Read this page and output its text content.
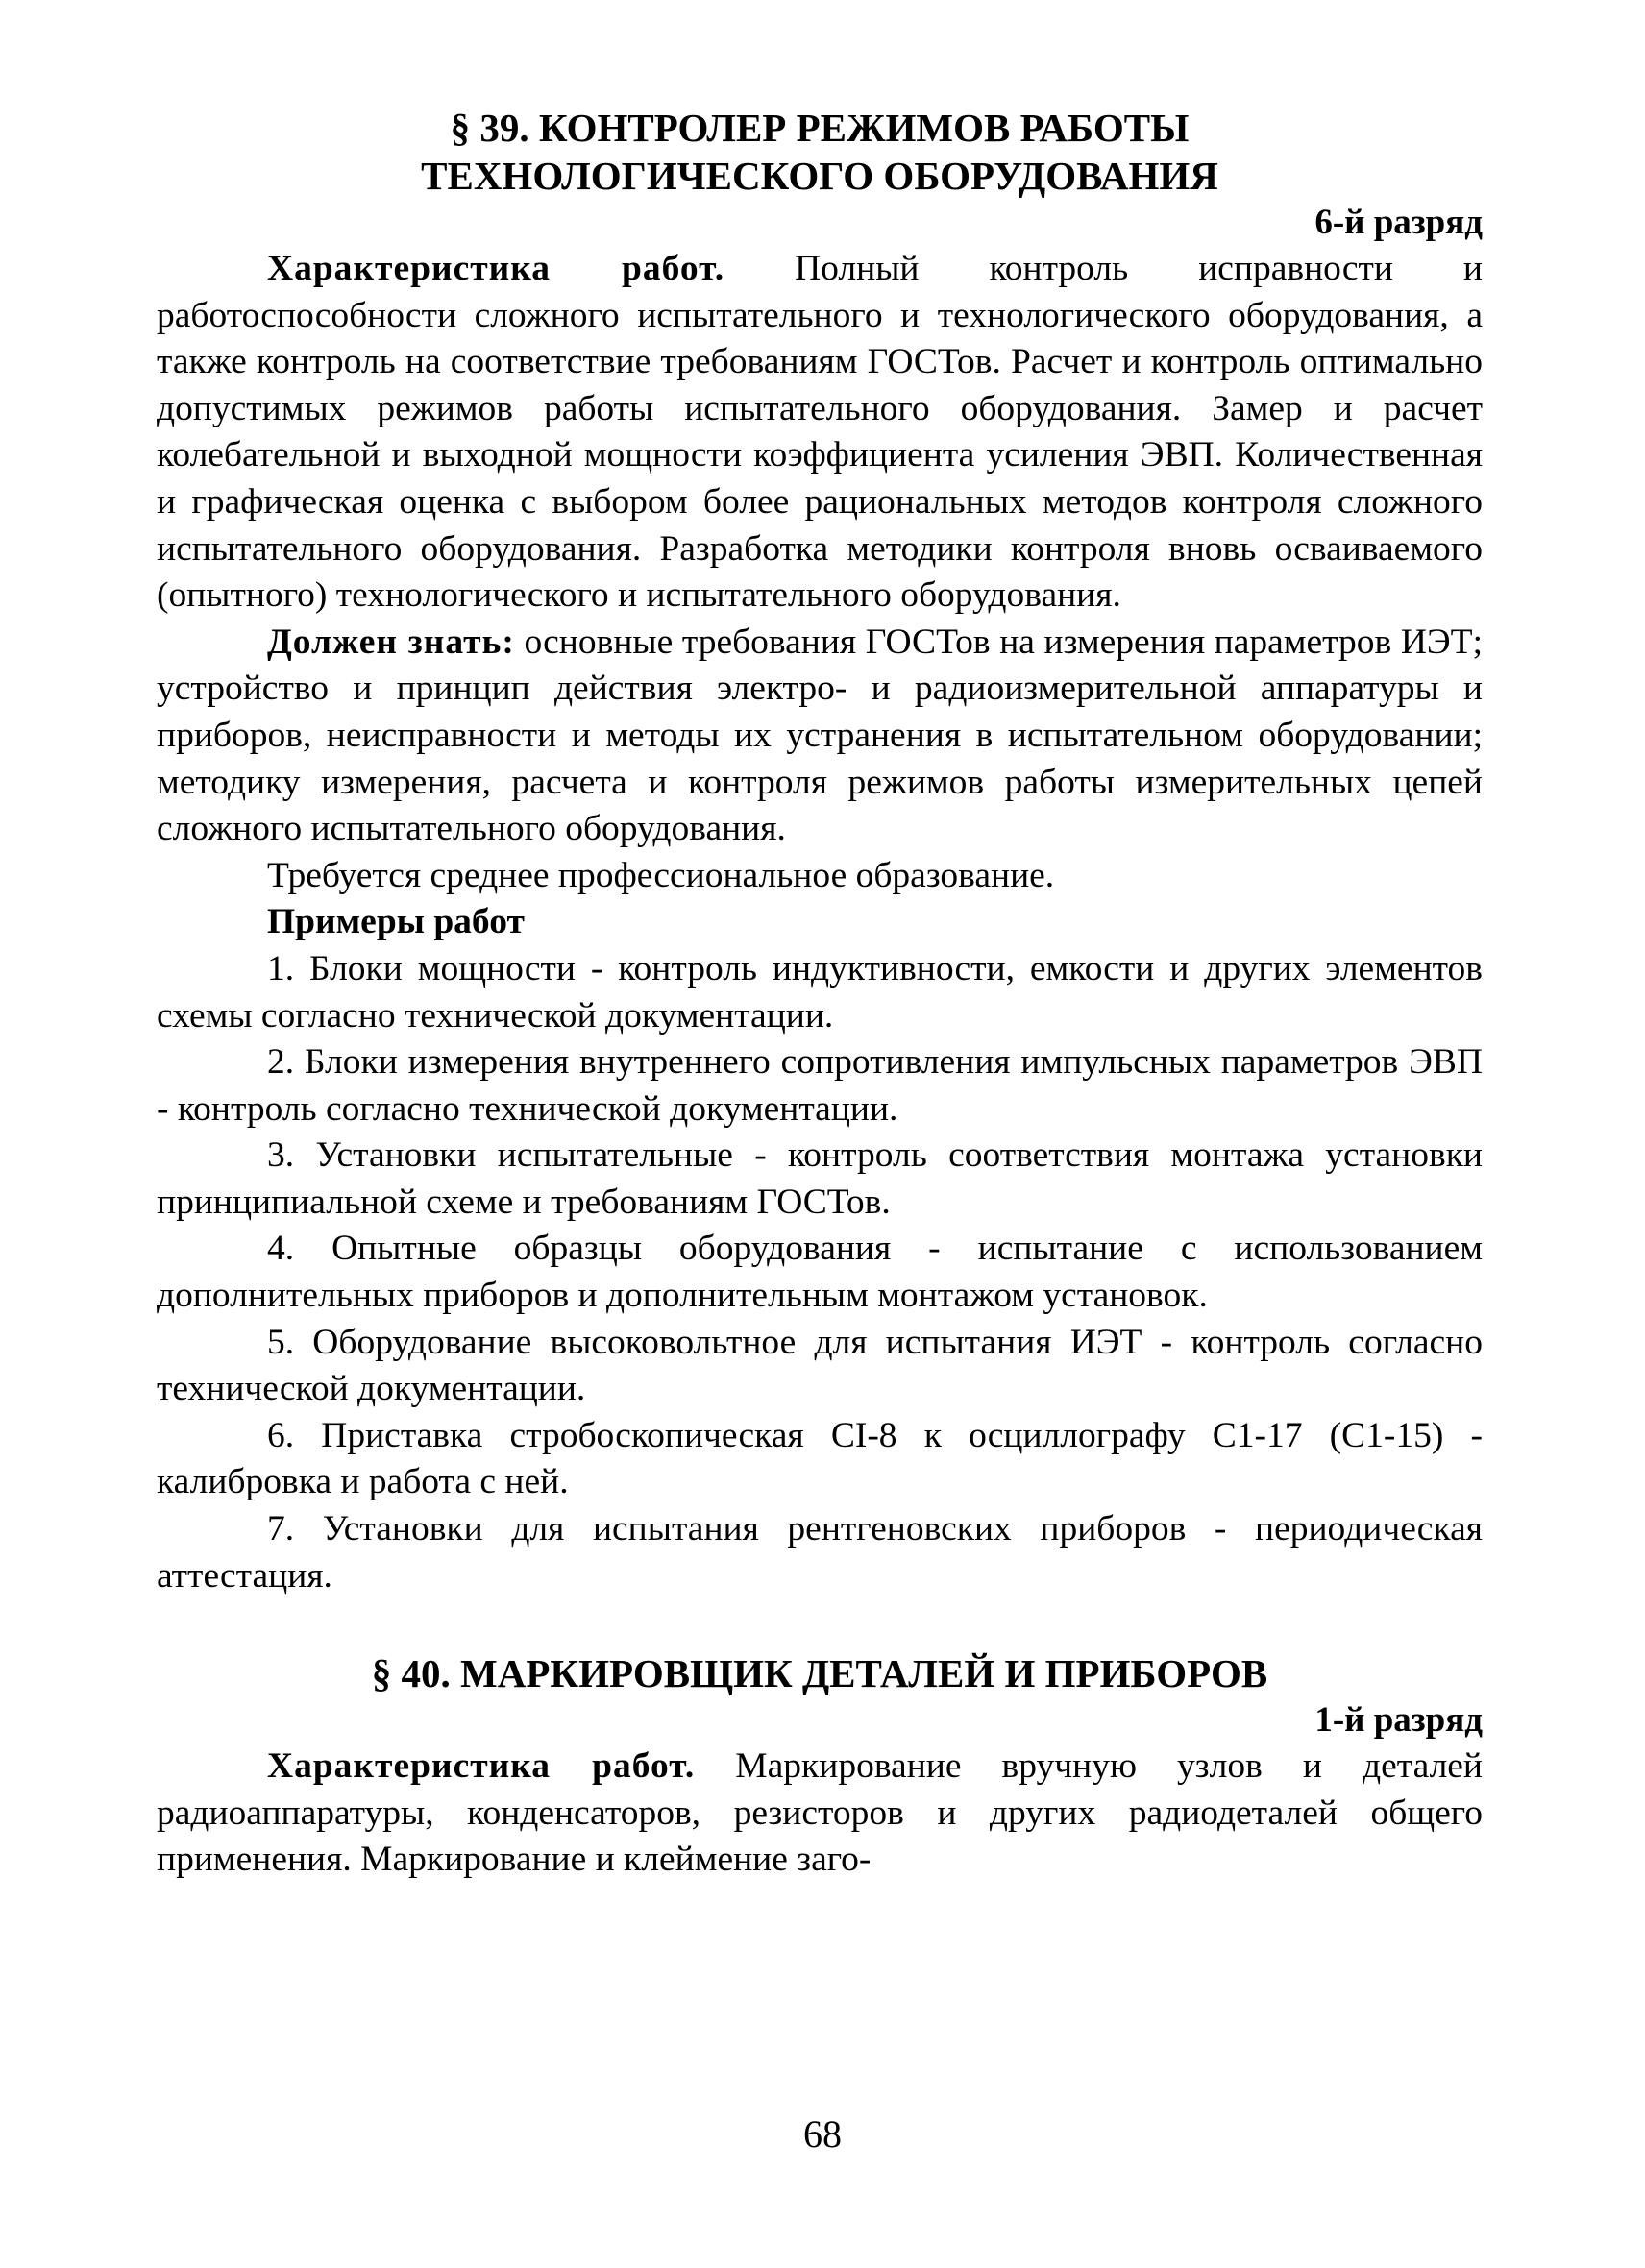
§ 39. КОНТРОЛЕР РЕЖИМОВ РАБОТЫ
ТЕХНОЛОГИЧЕСКОГО ОБОРУДОВАНИЯ
6-й разряд

Характеристика работ. Полный контроль исправности и работоспособности сложного испытательного и технологического оборудования, а также контроль на соответствие требованиям ГОСТов. Расчет и контроль оптимально допустимых режимов работы испытательного оборудования. Замер и расчет колебательной и выходной мощности коэффициента усиления ЭВП. Количественная и графическая оценка с выбором более рациональных методов контроля сложного испытательного оборудования. Разработка методики контроля вновь осваиваемого (опытного) технологического и испытательного оборудования.

Должен знать: основные требования ГОСТов на измерения параметров ИЭТ; устройство и принцип действия электро- и радиоизмерительной аппаратуры и приборов, неисправности и методы их устранения в испытательном оборудовании; методику измерения, расчета и контроля режимов работы измерительных цепей сложного испытательного оборудования.

Требуется среднее профессиональное образование.

Примеры работ

1. Блоки мощности - контроль индуктивности, емкости и других элементов схемы согласно технической документации.

2. Блоки измерения внутреннего сопротивления импульсных параметров ЭВП - контроль согласно технической документации.

3. Установки испытательные - контроль соответствия монтажа установки принципиальной схеме и требованиям ГОСТов.

4. Опытные образцы оборудования - испытание с использованием дополнительных приборов и дополнительным монтажом установок.

5. Оборудование высоковольтное для испытания ИЭТ - контроль согласно технической документации.

6. Приставка стробоскопическая СI-8 к осциллографу С1-17 (С1-15) - калибровка и работа с ней.

7. Установки для испытания рентгеновских приборов - периодическая аттестация.

§ 40. МАРКИРОВЩИК ДЕТАЛЕЙ И ПРИБОРОВ
1-й разряд

Характеристика работ. Маркирование вручную узлов и деталей радиоаппаратуры, конденсаторов, резисторов и других радиодеталей общего применения. Маркирование и клеймение заго-

68
